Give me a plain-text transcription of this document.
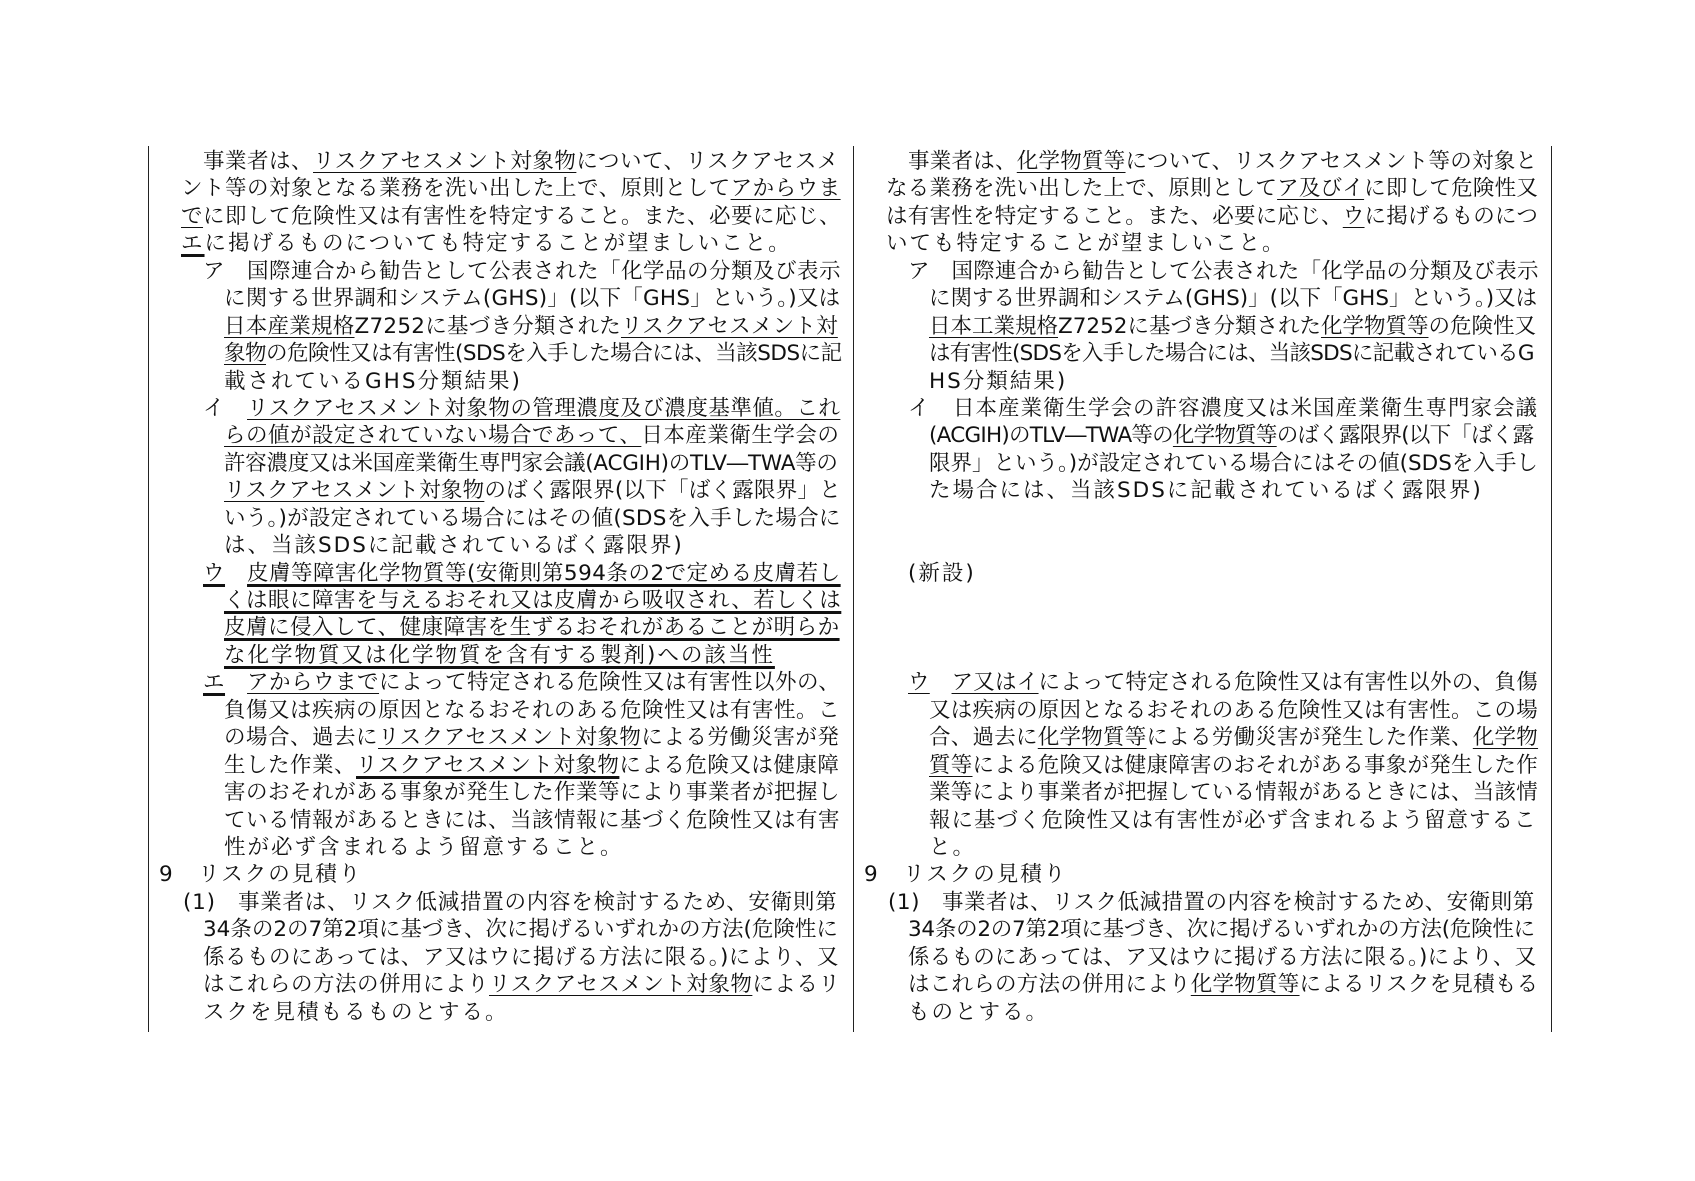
事業者は、リスクアセスメント対象物について、リスクアセスメ
ント等の対象となる業務を洗い出した上で、原則としてアからウま
でに即して危険性又は有害性を特定すること。また、必要に応じ、
エに掲げるものについても特定することが望ましいこと。
ア　国際連合から勧告として公表された「化学品の分類及び表示
に関する世界調和システム(GHS)」(以下「GHS」という。)又は
日本産業規格Z7252に基づき分類されたリスクアセスメント対
象物の危険性又は有害性(SDSを入手した場合には、当該SDSに記
載されているGHS分類結果)
イ　リスクアセスメント対象物の管理濃度及び濃度基準値。これ
らの値が設定されていない場合であって、日本産業衛生学会の
許容濃度又は米国産業衛生専門家会議(ACGIH)のTLV―TWA等の
リスクアセスメント対象物のばく露限界(以下「ばく露限界」と
いう。)が設定されている場合にはその値(SDSを入手した場合に
は、当該SDSに記載されているばく露限界)
ウ　 皮膚等障害化学物質等(安衛則第594条の2で定める皮膚若し
くは眼に障害を与えるおそれ又は皮膚から吸収され、若しくは
皮膚に侵入して、健康障害を生ずるおそれがあることが明らか
な化学物質又は化学物質を含有する製剤)への該当性
エ　 アからウまでによって特定される危険性又は有害性以外の、
負傷又は疾病の原因となるおそれのある危険性又は有害性。こ
の場合、過去にリスクアセスメント対象物による労働災害が発
生した作業、リスクアセスメント対象物による危険又は健康障
害のおそれがある事象が発生した作業等により事業者が把握し
ている情報があるときには、当該情報に基づく危険性又は有害
性が必ず含まれるよう留意すること。
9　リスクの見積り
(1)　事業者は、リスク低減措置の内容を検討するため、安衛則第
34条の2の7第2項に基づき、次に掲げるいずれかの方法(危険性に
係るものにあっては、ア又はウに掲げる方法に限る。)により、又
はこれらの方法の併用によりリスクアセスメント対象物によるリ
スクを見積もるものとする。
事業者は、化学物質等について、リスクアセスメント等の対象と
なる業務を洗い出した上で、原則としてア及びイに即して危険性又
は有害性を特定すること。また、必要に応じ、ウに掲げるものにつ
いても特定することが望ましいこと。
ア　国際連合から勧告として公表された「化学品の分類及び表示
に関する世界調和システム(GHS)」(以下「GHS」という。)又は
日本工業規格Z7252に基づき分類された化学物質等の危険性又
は有害性(SDSを入手した場合には、当該SDSに記載されているG
HS分類結果)
イ　日本産業衛生学会の許容濃度又は米国産業衛生専門家会議
(ACGIH)のTLV―TWA等の化学物質等のばく露限界(以下「ばく露
限界」という。)が設定されている場合にはその値(SDSを入手し
た場合には、当該SDSに記載されているばく露限界)
(新設)
ウ　 ア又はイによって特定される危険性又は有害性以外の、負傷
又は疾病の原因となるおそれのある危険性又は有害性。この場
合、過去に化学物質等による労働災害が発生した作業、化学物
質等による危険又は健康障害のおそれがある事象が発生した作
業等により事業者が把握している情報があるときには、当該情
報に基づく危険性又は有害性が必ず含まれるよう留意するこ
と。
9　リスクの見積り
(1)　事業者は、リスク低減措置の内容を検討するため、安衛則第
34条の2の7第2項に基づき、次に掲げるいずれかの方法(危険性に
係るものにあっては、ア又はウに掲げる方法に限る。)により、又
はこれらの方法の併用により化学物質等によるリスクを見積もる
ものとする。
